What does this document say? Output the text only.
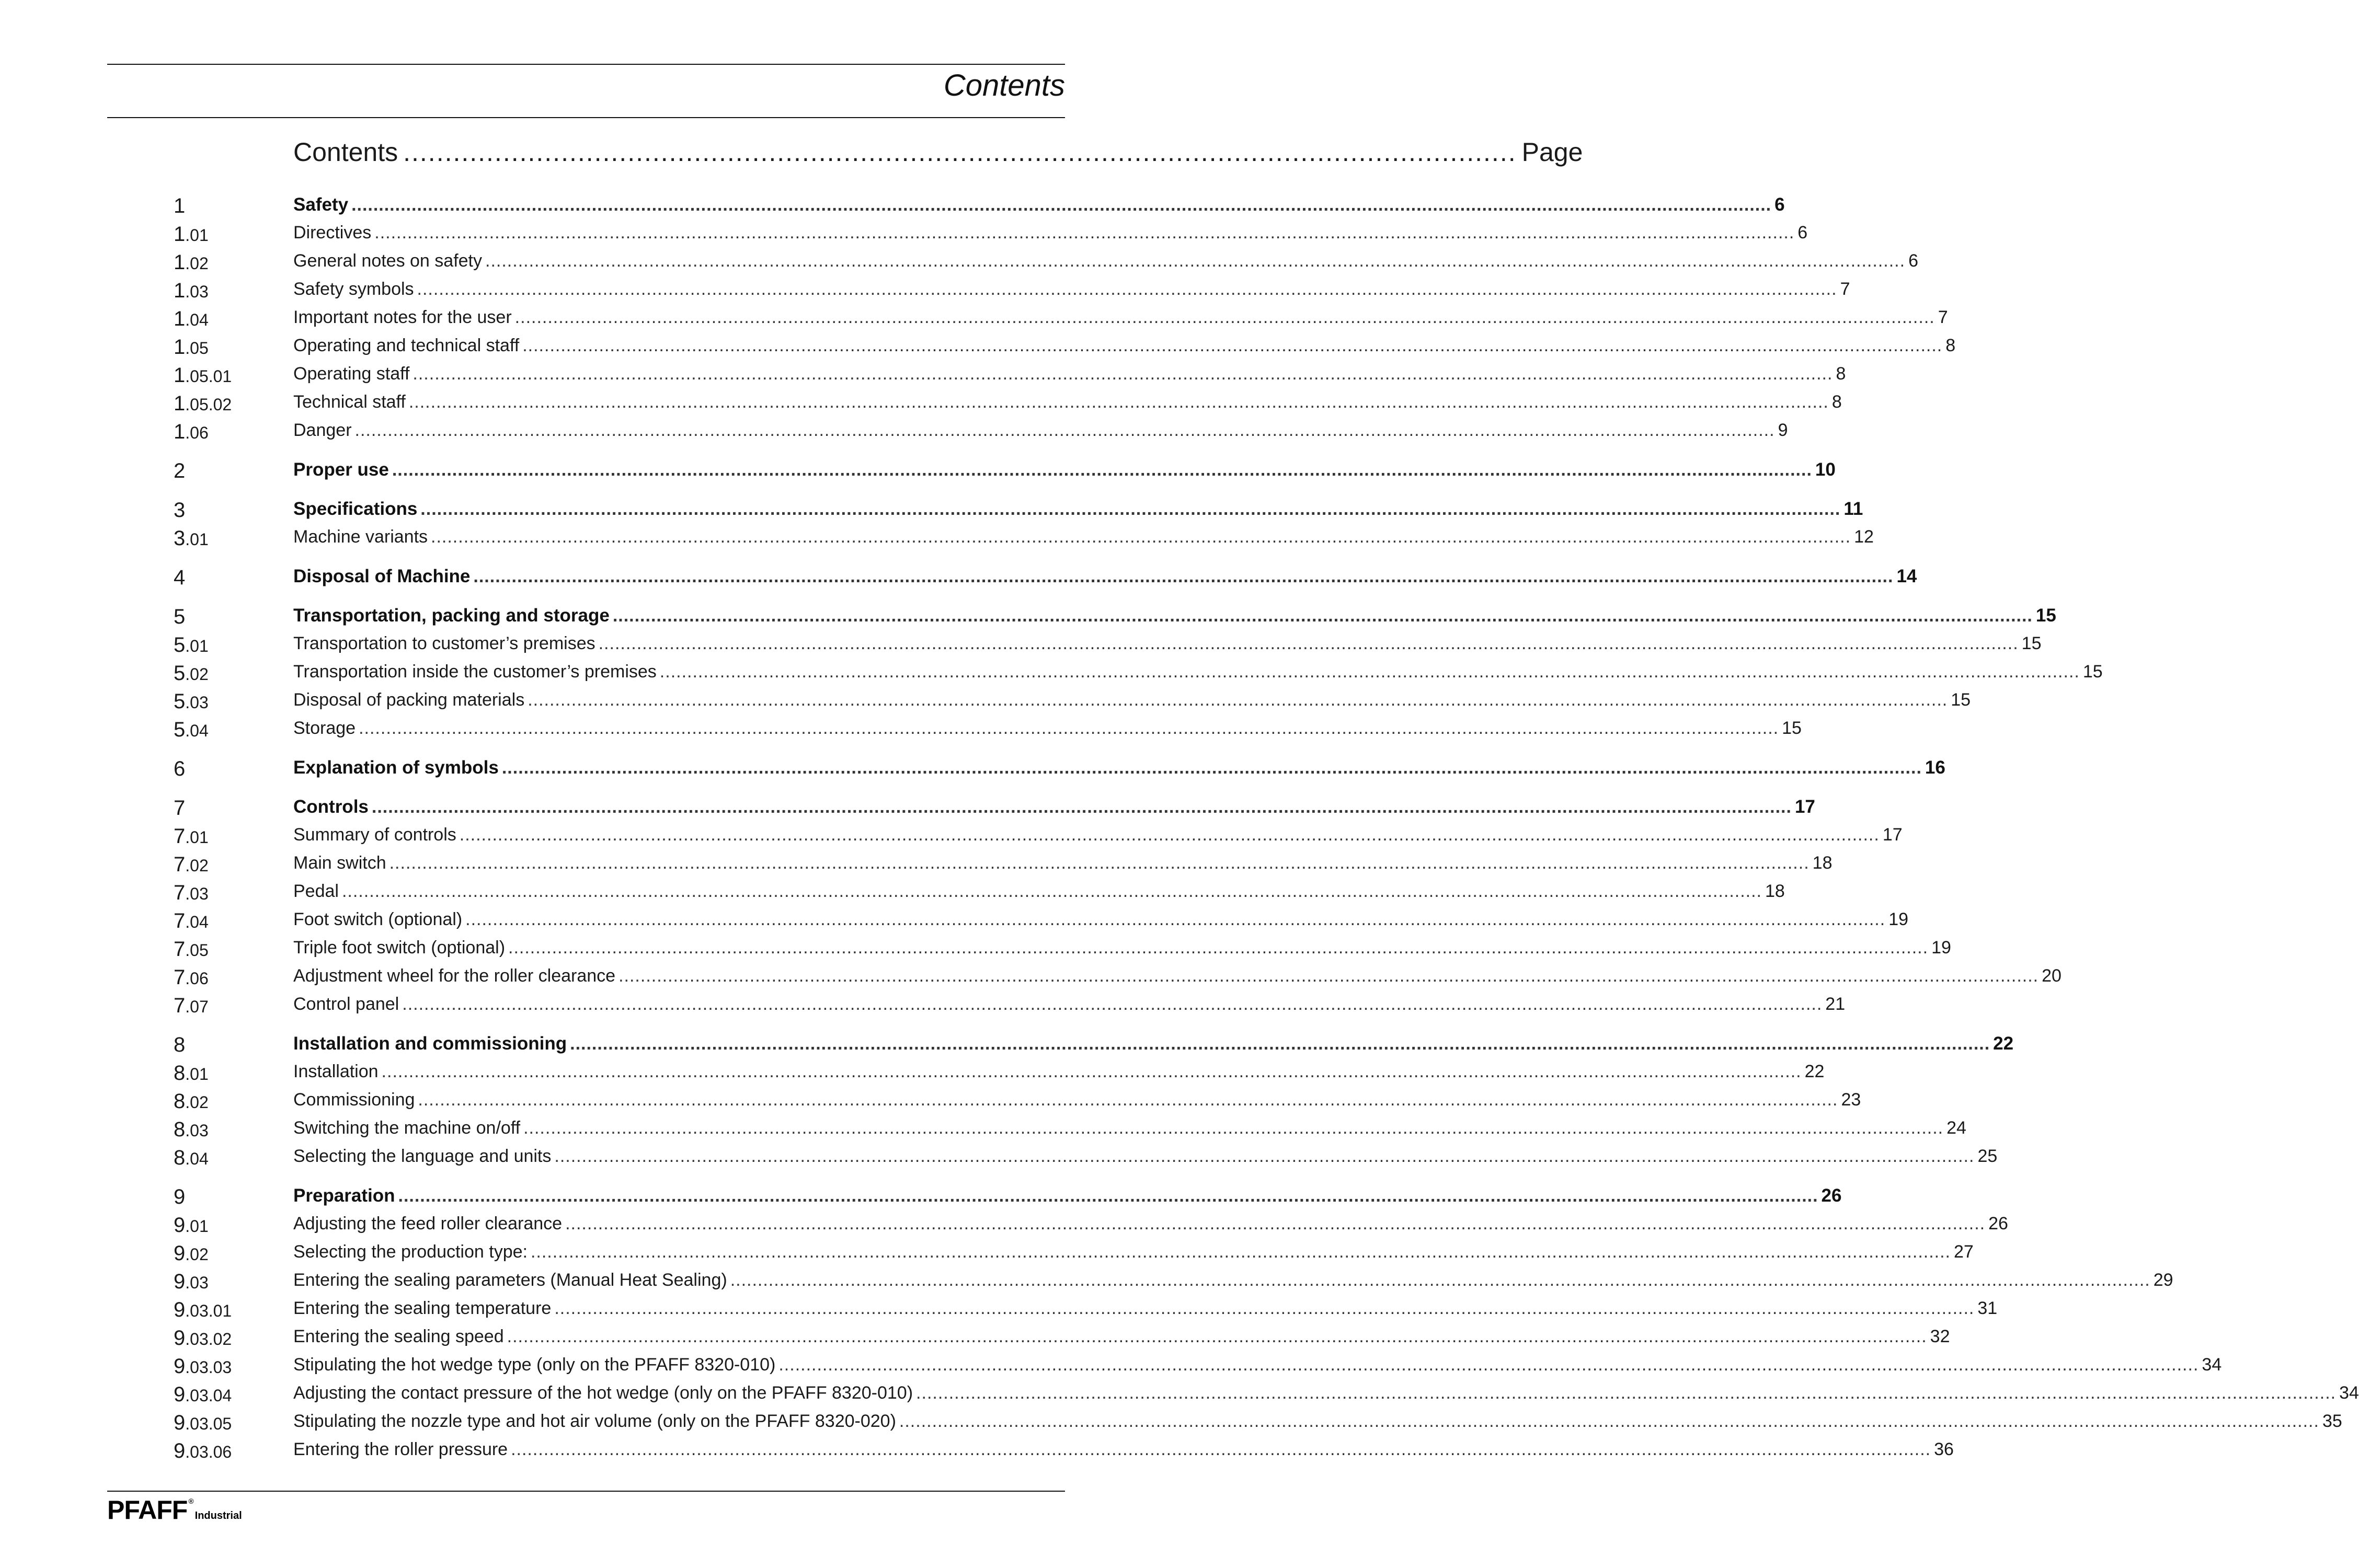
Contents
Contents ...................................................................................................................................... Page
1	Safety .................................................................................................................................................................................................................................................................... 6
1.01	Directives .................................................................................................................................................................................................................................................................... 6
1.02	General notes on safety .................................................................................................................................................................................................................................................................... 6
1.03	Safety symbols .................................................................................................................................................................................................................................................................... 7
1.04	Important notes for the user .................................................................................................................................................................................................................................................................... 7
1.05	Operating and technical staff .................................................................................................................................................................................................................................................................... 8
1.05.01	Operating staff .................................................................................................................................................................................................................................................................... 8
1.05.02	Technical staff .................................................................................................................................................................................................................................................................... 8
1.06	Danger .................................................................................................................................................................................................................................................................... 9
2	Proper use .................................................................................................................................................................................................................................................................... 10
3	Specifications .................................................................................................................................................................................................................................................................... 11
3.01	Machine variants .................................................................................................................................................................................................................................................................... 12
4	Disposal of Machine .................................................................................................................................................................................................................................................................... 14
5	Transportation, packing and storage .................................................................................................................................................................................................................................................................... 15
5.01	Transportation to customer’s premises .................................................................................................................................................................................................................................................................... 15
5.02	Transportation inside the customer’s premises .................................................................................................................................................................................................................................................................... 15
5.03	Disposal of packing materials .................................................................................................................................................................................................................................................................... 15
5.04	Storage .................................................................................................................................................................................................................................................................... 15
6	Explanation of symbols .................................................................................................................................................................................................................................................................... 16
7	Controls .................................................................................................................................................................................................................................................................... 17
7.01	Summary of controls .................................................................................................................................................................................................................................................................... 17
7.02	Main switch .................................................................................................................................................................................................................................................................... 18
7.03	Pedal .................................................................................................................................................................................................................................................................... 18
7.04	Foot switch (optional) .................................................................................................................................................................................................................................................................... 19
7.05	Triple foot switch (optional) .................................................................................................................................................................................................................................................................... 19
7.06	Adjustment wheel for the roller clearance .................................................................................................................................................................................................................................................................... 20
7.07	Control panel .................................................................................................................................................................................................................................................................... 21
8	Installation and commissioning .................................................................................................................................................................................................................................................................... 22
8.01	Installation .................................................................................................................................................................................................................................................................... 22
8.02	Commissioning .................................................................................................................................................................................................................................................................... 23
8.03	Switching the machine on/off .................................................................................................................................................................................................................................................................... 24
8.04	Selecting the language and units .................................................................................................................................................................................................................................................................... 25
9	Preparation .................................................................................................................................................................................................................................................................... 26
9.01	Adjusting the feed roller clearance .................................................................................................................................................................................................................................................................... 26
9.02	Selecting the production type: .................................................................................................................................................................................................................................................................... 27
9.03	Entering the sealing parameters (Manual Heat Sealing) .................................................................................................................................................................................................................................................................... 29
9.03.01	Entering the sealing temperature .................................................................................................................................................................................................................................................................... 31
9.03.02	Entering the sealing speed .................................................................................................................................................................................................................................................................... 32
9.03.03	Stipulating the hot wedge type (only on the PFAFF 8320-010) .................................................................................................................................................................................................................................................................... 34
9.03.04	Adjusting the contact pressure of the hot wedge (only on the PFAFF 8320-010) .................................................................................................................................................................................................................................................................... 34
9.03.05	Stipulating the nozzle type and hot air volume (only on the PFAFF 8320-020) .................................................................................................................................................................................................................................................................... 35
9.03.06	Entering the roller pressure .................................................................................................................................................................................................................................................................... 36
PFAFF ®
Industrial
